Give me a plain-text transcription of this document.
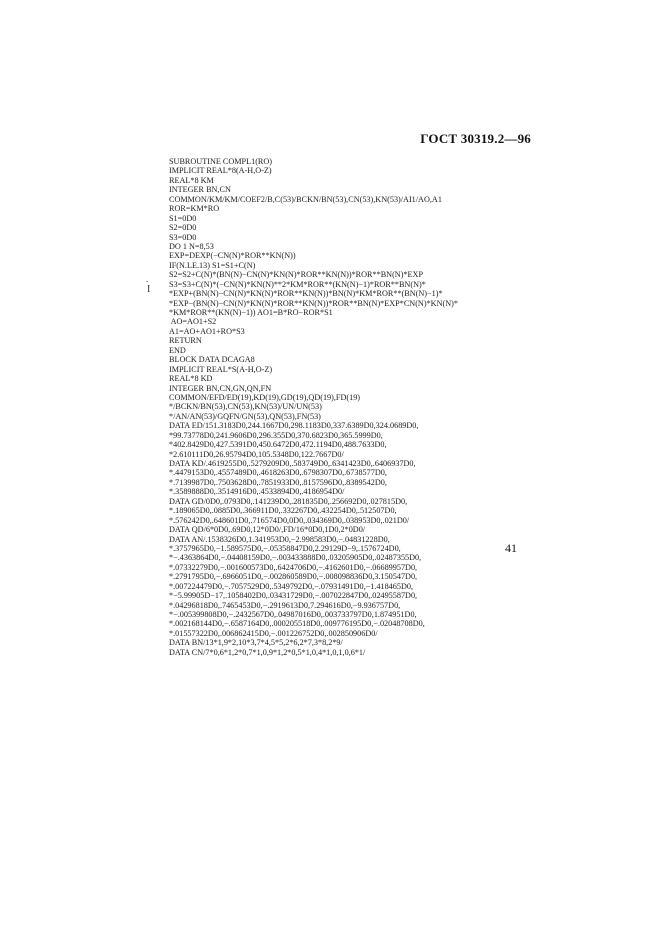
ГОСТ 30319.2—96
.
I
SUBROUTINE COMPL1(RO)
IMPLICIT REAL*8(A-H,O-Z)
REAL*8 KM
INTEGER BN,CN
COMMON/KM/KM/COEF2/B,C(53)/BCKN/BN(53),CN(53),KN(53)/AI1/AO,A1
ROR=KM*RO
S1=0D0
S2=0D0
S3=0D0
DO 1 N=8,53
EXP=DEXP(−CN(N)*ROR**KN(N))
IF(N.LE.13) S1=S1+C(N)
S2=S2+C(N)*(BN(N)−CN(N)*KN(N)*ROR**KN(N))*ROR**BN(N)*EXP
S3=S3+C(N)*(−CN(N)*KN(N)**2*KM*ROR**(KN(N)−1)*ROR**BN(N)*
*EXP+(BN(N)−CN(N)*KN(N)*ROR**KN(N))*BN(N)*KM*ROR**(BN(N)−1)*
*EXP−(BN(N)−CN(N)*KN(N)*ROR**KN(N))*ROR**BN(N)*EXP*CN(N)*KN(N)*
*KM*ROR**(KN(N)−1)) AO1=B*RO−ROR*S1
AO=AO1+S2
A1=AO+AO1+RO*S3
RETURN
END
BLOCK DATA DCAGA8
IMPLICIT REAL*S(A-H,O-Z)
REAL*8 KD
INTEGER BN,CN,GN,QN,FN
COMMON/EFD/ED(19),KD(19),GD(19),QD(19),FD(19)
*/BCKN/BN(53),CN(53),KN(53)/UN/UN(53)
*/AN/AN(53)/GQFN/GN(53),QN(53),FN(53)
DATA ED/151.3183D0,244.1667D0,298.1183D0,337.6389D0,324.0689D0,
*99.73778D0,241.9606D0,296.355D0,370.6823D0,365.5999D0,
*402.8429D0,427.5391D0,450.6472D0,472.1194D0,488.7633D0,
*2.610111D0,26.95794D0,105.5348D0,122.7667D0/
DATA KD/.4619255D0,.5279209D0,.583749D0,.6341423D0,.6406937D0,
*.4479153D0,.4557489D0,.4618263D0,.6798307D0,.6738577D0,
*.7139987D0,.7503628D0,.7851933D0,.8157596D0,.8389542D0,
*.3589888D0,.3514916D0,.4533894D0,.4186954D0/
DATA GD/0D0,.0793D0,.141239D0,.281835D0,.256692D0,.027815D0,
*.189065D0,.0885D0,.366911D0,.332267D0,.432254D0,.512507D0,
*.576242D0,.648601D0,.716574D0,0D0,.034369D0,.038953D0,.021D0/
DATA QD/6*0D0,.69D0,12*0D0/,FD/16*0D0,1D0,2*0D0/
DATA AN/.1538326D0,1.341953D0,−2.998583D0,−.04831228D0,
*.3757965D0,−1.589575D0,−.05358847D0,2.29129D−9,.1576724D0,
*−.4363864D0,−.04408159D0,−.003433888D0,.03205905D0,.02487355D0,
*.07332279D0,−.001600573D0,.6424706D0,−.4162601D0,−.06689957D0,
*.2791795D0,−.6966051D0,−.002860589D0,−.008098836D0,3.150547D0,
*.007224479D0,−.7057529D0,.5349792D0,−.07931491D0,−1.418465D0,
*−5.99905D−17,.1058402D0,.03431729D0,−.007022847D0,.02495587D0,
*.04296818D0,.7465453D0,−.2919613D0,7.294616D0,−9.936757D0,
*−.005399808D0,−.2432567D0,.04987016D0,.003733797D0,1.874951D0,
*.002168144D0,−.6587164D0,.000205518D0,.009776195D0,−.02048708D0,
*.01557322D0,.006862415D0,−.001226752D0,.002850906D0/
DATA BN/13*1,9*2,10*3,7*4,5*5,2*6,2*7,3*8,2*9/
DATA CN/7*0,6*1,2*0,7*1,0,9*1,2*0,5*1,0,4*1,0,1,0,6*1/
41
